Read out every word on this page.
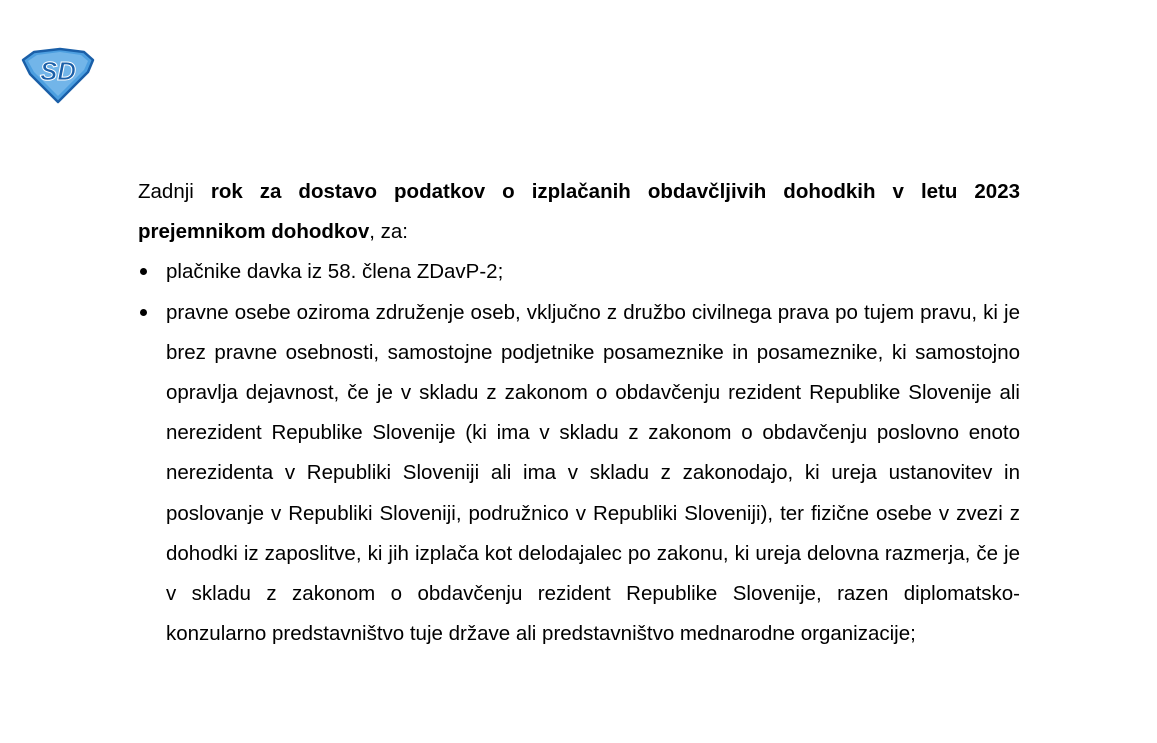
SD

Zadnji rok za dostavo podatkov o izplačanih obdavčljivih dohodkih v letu 2023 prejemnikom dohodkov, za:

plačnike davka iz 58. člena ZDavP-2;
pravne osebe oziroma združenje oseb, vključno z družbo civilnega prava po tujem pravu, ki je brez pravne osebnosti, samostojne podjetnike posameznike in posameznike, ki samostojno opravlja dejavnost, če je v skladu z zakonom o obdavčenju rezident Republike Slovenije ali nerezident Republike Slovenije (ki ima v skladu z zakonom o obdavčenju poslovno enoto nerezidenta v Republiki Sloveniji ali ima v skladu z zakonodajo, ki ureja ustanovitev in poslovanje v Republiki Sloveniji, podružnico v Republiki Sloveniji), ter fizične osebe v zvezi z dohodki iz zaposlitve, ki jih izplača kot delodajalec po zakonu, ki ureja delovna razmerja, če je v skladu z zakonom o obdavčenju rezident Republike Slovenije, razen diplomatsko-konzularno predstavništvo tuje države ali predstavništvo mednarodne organizacije;
